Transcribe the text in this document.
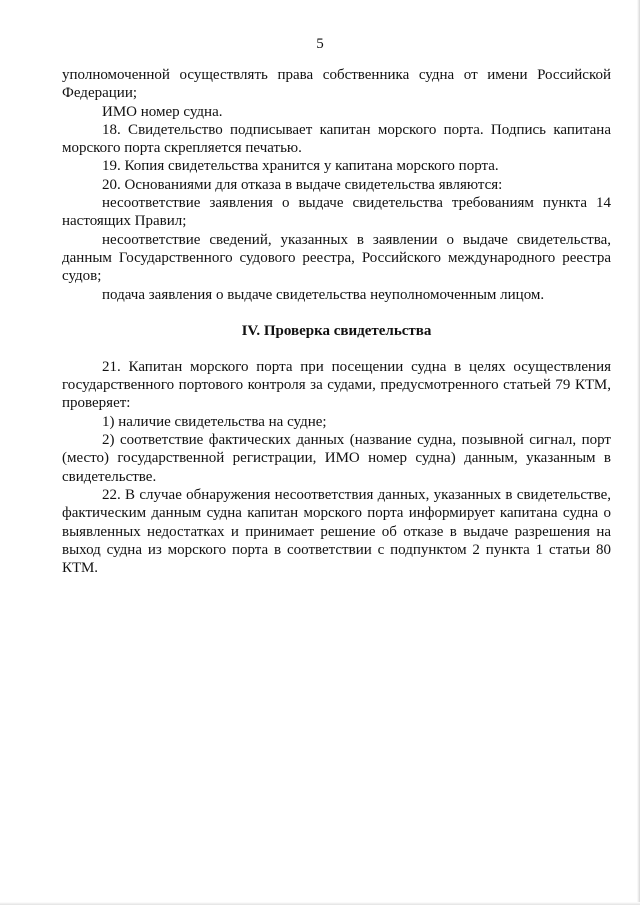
5

уполномоченной осуществлять права собственника судна от имени Российской Федерации;

ИМО номер судна.

18. Свидетельство подписывает капитан морского порта. Подпись капитана морского порта скрепляется печатью.

19. Копия свидетельства хранится у капитана морского порта.

20. Основаниями для отказа в выдаче свидетельства являются:

несоответствие заявления о выдаче свидетельства требованиям пункта 14 настоящих Правил;

несоответствие сведений, указанных в заявлении о выдаче свидетельства, данным Государственного судового реестра, Российского международного реестра судов;

подача заявления о выдаче свидетельства неуполномоченным лицом.

IV. Проверка свидетельства

21. Капитан морского порта при посещении судна в целях осуществления государственного портового контроля за судами, предусмотренного статьей 79 КТМ, проверяет:

1) наличие свидетельства на судне;

2) соответствие фактических данных (название судна, позывной сигнал, порт (место) государственной регистрации, ИМО номер судна) данным, указанным в свидетельстве.

22. В случае обнаружения несоответствия данных, указанных в свидетельстве, фактическим данным судна капитан морского порта информирует капитана судна о выявленных недостатках и принимает решение об отказе в выдаче разрешения на выход судна из морского порта в соответствии с подпунктом 2 пункта 1 статьи 80 КТМ.
